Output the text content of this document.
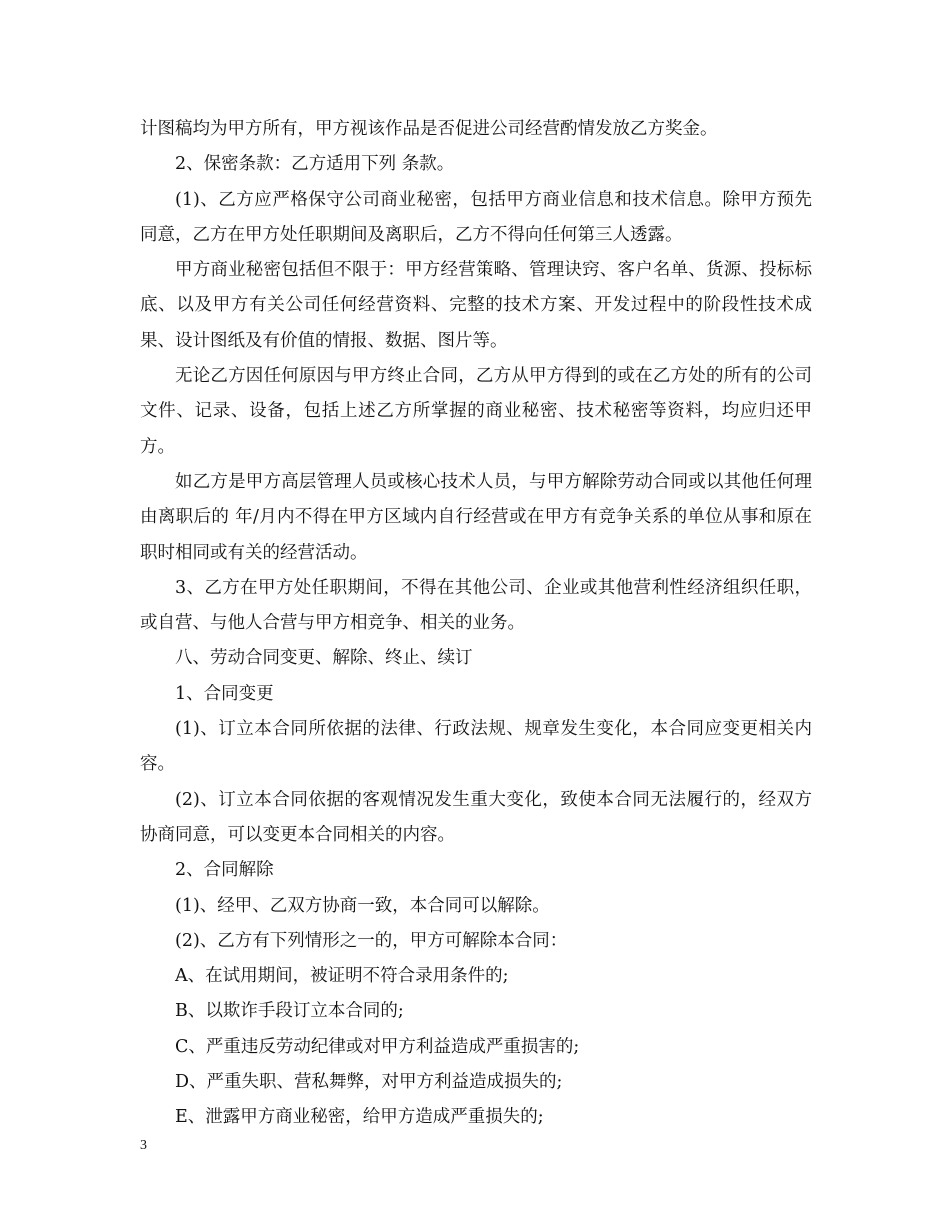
计图稿均为甲方所有，甲方视该作品是否促进公司经营酌情发放乙方奖金。

2、保密条款：乙方适用下列 条款。

(1)、乙方应严格保守公司商业秘密，包括甲方商业信息和技术信息。除甲方预先同意，乙方在甲方处任职期间及离职后，乙方不得向任何第三人透露。

甲方商业秘密包括但不限于：甲方经营策略、管理诀窍、客户名单、货源、投标标底、以及甲方有关公司任何经营资料、完整的技术方案、开发过程中的阶段性技术成果、设计图纸及有价值的情报、数据、图片等。

无论乙方因任何原因与甲方终止合同，乙方从甲方得到的或在乙方处的所有的公司文件、记录、设备，包括上述乙方所掌握的商业秘密、技术秘密等资料，均应归还甲方。

如乙方是甲方高层管理人员或核心技术人员，与甲方解除劳动合同或以其他任何理由离职后的 年/月内不得在甲方区域内自行经营或在甲方有竞争关系的单位从事和原在职时相同或有关的经营活动。

3、乙方在甲方处任职期间，不得在其他公司、企业或其他营利性经济组织任职，或自营、与他人合营与甲方相竞争、相关的业务。

八、劳动合同变更、解除、终止、续订

1、合同变更

(1)、订立本合同所依据的法律、行政法规、规章发生变化，本合同应变更相关内容。

(2)、订立本合同依据的客观情况发生重大变化，致使本合同无法履行的，经双方协商同意，可以变更本合同相关的内容。

2、合同解除

(1)、经甲、乙双方协商一致，本合同可以解除。

(2)、乙方有下列情形之一的，甲方可解除本合同：

A、在试用期间，被证明不符合录用条件的;

B、以欺诈手段订立本合同的;

C、严重违反劳动纪律或对甲方利益造成严重损害的;

D、严重失职、营私舞弊，对甲方利益造成损失的;

E、泄露甲方商业秘密，给甲方造成严重损失的;

3
